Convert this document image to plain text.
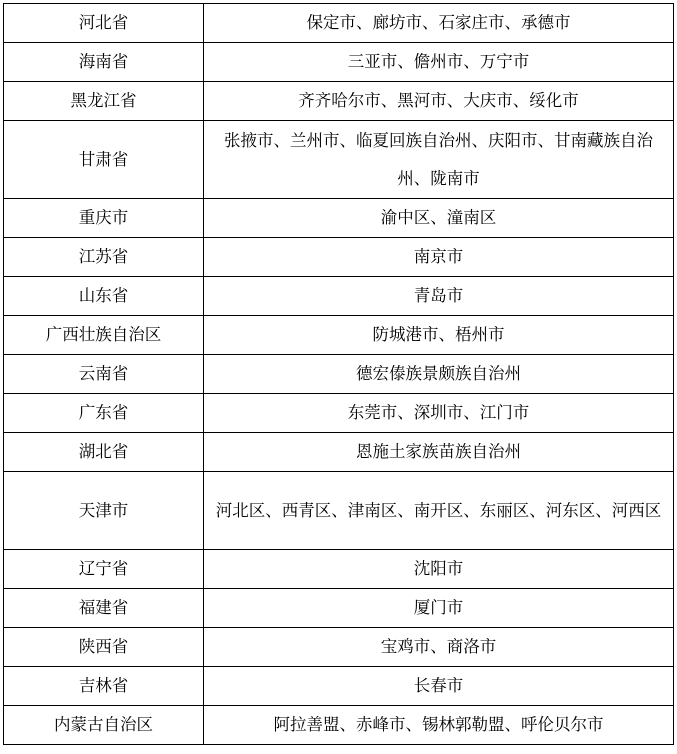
河北省	保定市、廊坊市、石家庄市、承德市
海南省	三亚市、儋州市、万宁市
黑龙江省	齐齐哈尔市、黑河市、大庆市、绥化市
甘肃省	张掖市、兰州市、临夏回族自治州、庆阳市、甘南藏族自治州、陇南市
重庆市	渝中区、潼南区
江苏省	南京市
山东省	青岛市
广西壮族自治区	防城港市、梧州市
云南省	德宏傣族景颇族自治州
广东省	东莞市、深圳市、江门市
湖北省	恩施土家族苗族自治州
天津市	河北区、西青区、津南区、南开区、东丽区、河东区、河西区
辽宁省	沈阳市
福建省	厦门市
陕西省	宝鸡市、商洛市
吉林省	长春市
内蒙古自治区	阿拉善盟、赤峰市、锡林郭勒盟、呼伦贝尔市
